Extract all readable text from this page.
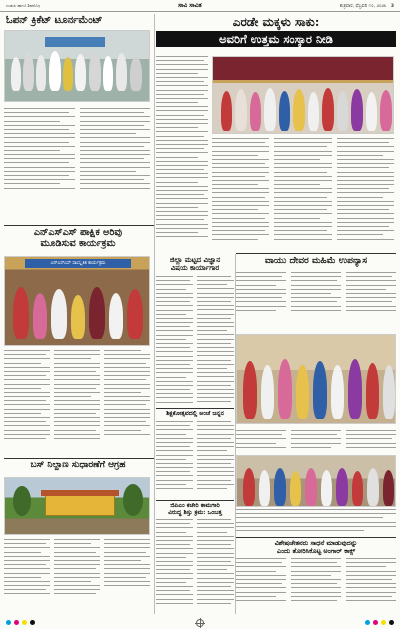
ಉಡುಪಿ ಹಾಗೂ ಶಿವಮೊಗ್ಗ	ಸಾವಿ ಸಾವಿತ	ಶುಕ್ರವಾರ, ಫೆಬ್ರವರಿ ೧೦, ೨೦೨೩ 3
ಓಪನ್ ಕ್ರಿಕೆಟ್ ಟೂರ್ನಮೆಂಟ್	ಎರಡೇ ಮಕ್ಕಳು ಸಾಕು:
ಅವರಿಗೆ ಉತ್ತಮ ಸಂಸ್ಕಾರ ನೀಡಿ
ಎನ್‌ಎಸ್‌ಎಸ್ ಪಾಕ್ಷಿಕ ಅರಿವು
ಮೂಡಿಸುವ ಕಾರ್ಯಕ್ರಮ
ಎನ್‌ಎಸ್‌ಎಸ್ ಸಾಂಸ್ಕೃತಿಕ ಕಾರ್ಯಕ್ರಮ	ವಾಯು ದೇವರ ಮಹಿಮೆ ಉಪನ್ಯಾಸ
ಜಿಲ್ಲಾ ಮಟ್ಟದ ವಿಜ್ಞಾನ
ವಿಷಯ ಕಾರ್ಯಾಗಾರ
ಶಿಕ್ಷಕೋತ್ಸವದಲ್ಲಿ ಅಂಚೆ ಜನ್ನನ
ಬಸ್ ನಿಲ್ದಾಣ ಸುಧಾರಣೆಗೆ ಆಗ್ರಹ
ಜಿಪಿಎಂ ಕಚೇರಿ ಕಾಮಗಾರಿ
ವಿರುದ್ಧ ಶಿಸ್ತು ಕ್ರಮ: ಒಂಬತ್ತ
ವಿಶೇಷಚೇತನರು ಸಾಧನೆ ಮಾಡುವುದನ್ನು
ಎಂದು ತೋರಿಸಿಕೊಟ್ಟ ಅಂಗಾರ್ ಕಾಕ್ಸ್
